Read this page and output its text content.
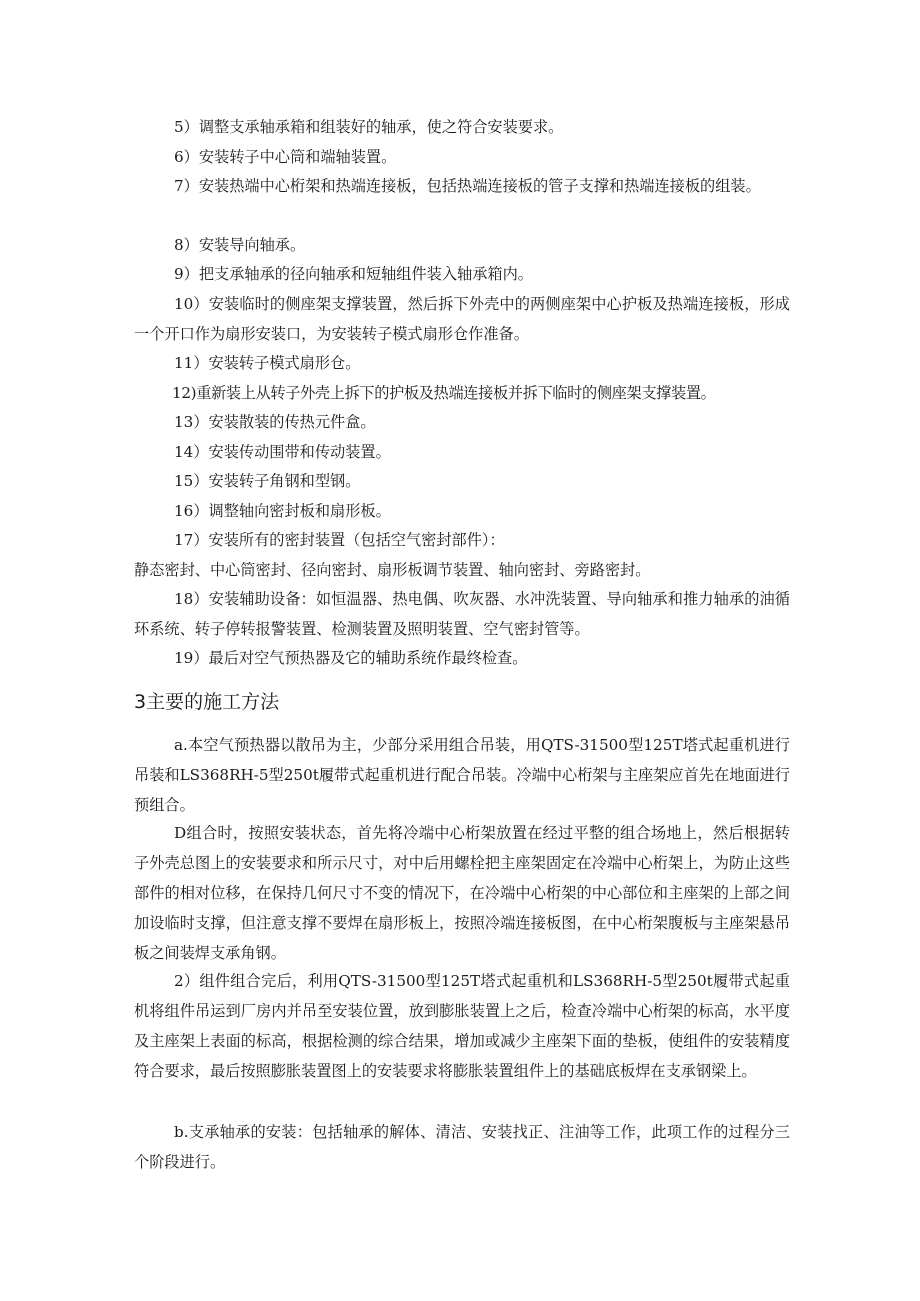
5）调整支承轴承箱和组装好的轴承，使之符合安装要求。

6）安装转子中心筒和端轴装置。

7）安装热端中心桁架和热端连接板，包括热端连接板的管子支撑和热端连接板的组装。

8）安装导向轴承。

9）把支承轴承的径向轴承和短轴组件装入轴承箱内。

10）安装临时的侧座架支撑装置，然后拆下外壳中的两侧座架中心护板及热端连接板，形成一个开口作为扇形安装口，为安装转子模式扇形仓作准备。

11）安装转子模式扇形仓。

12)重新装上从转子外壳上拆下的护板及热端连接板并拆下临时的侧座架支撑装置。

13）安装散装的传热元件盒。

14）安装传动围带和传动装置。

15）安装转子角钢和型钢。

16）调整轴向密封板和扇形板。

17）安装所有的密封装置（包括空气密封部件）：

静态密封、中心筒密封、径向密封、扇形板调节装置、轴向密封、旁路密封。

18）安装辅助设备：如恒温器、热电偶、吹灰器、水冲洗装置、导向轴承和推力轴承的油循环系统、转子停转报警装置、检测装置及照明装置、空气密封管等。

19）最后对空气预热器及它的辅助系统作最终检查。

3主要的施工方法

a.本空气预热器以散吊为主，少部分采用组合吊装，用QTS-31500型125T塔式起重机进行吊装和LS368RH-5型250t履带式起重机进行配合吊装。冷端中心桁架与主座架应首先在地面进行预组合。

D组合时，按照安装状态，首先将冷端中心桁架放置在经过平整的组合场地上，然后根据转子外壳总图上的安装要求和所示尺寸，对中后用螺栓把主座架固定在冷端中心桁架上，为防止这些部件的相对位移，在保持几何尺寸不变的情况下，在冷端中心桁架的中心部位和主座架的上部之间加设临时支撑，但注意支撑不要焊在扇形板上，按照冷端连接板图，在中心桁架腹板与主座架悬吊板之间装焊支承角钢。

2）组件组合完后，利用QTS-31500型125T塔式起重机和LS368RH-5型250t履带式起重机将组件吊运到厂房内并吊至安装位置，放到膨胀装置上之后，检查冷端中心桁架的标高，水平度及主座架上表面的标高，根据检测的综合结果，增加或减少主座架下面的垫板，使组件的安装精度符合要求，最后按照膨胀装置图上的安装要求将膨胀装置组件上的基础底板焊在支承钢梁上。

b.支承轴承的安装：包括轴承的解体、清洁、安装找正、注油等工作，此项工作的过程分三个阶段进行。
